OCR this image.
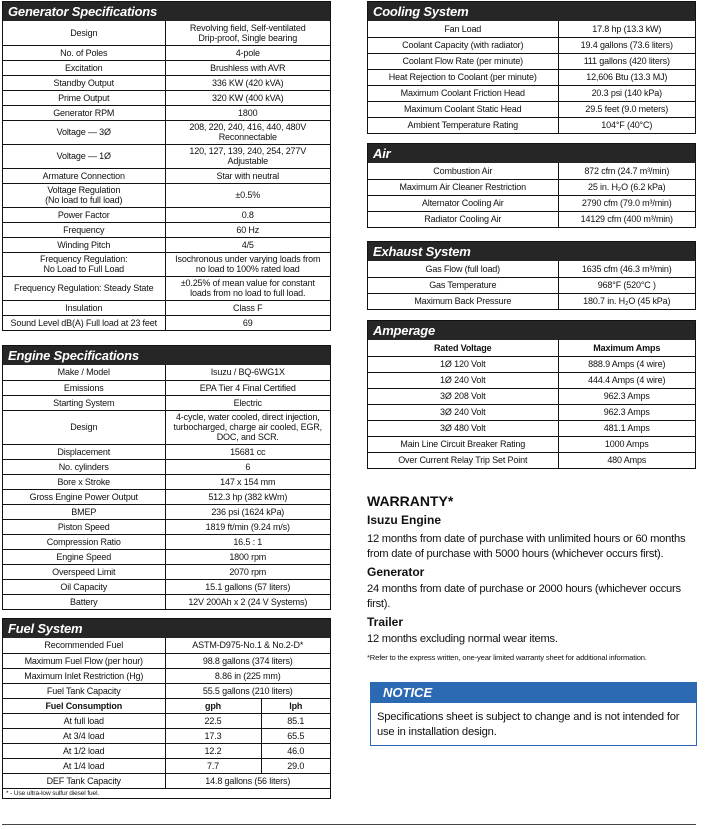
Generator Specifications
Design	Revolving field, Self-ventilated
Drip-proof, Single bearing
No. of Poles	4-pole
Excitation	Brushless with AVR
Standby Output	336 KW (420 kVA)
Prime Output	320 KW (400 kVA)
Generator RPM	1800
Voltage — 3Ø	208, 220, 240, 416, 440, 480V
Reconnectable
Voltage — 1Ø	120, 127, 139, 240, 254, 277V
Adjustable
Armature Connection	Star with neutral
Voltage Regulation
(No load to full load)	±0.5%
Power Factor	0.8
Frequency	60 Hz
Winding Pitch	4/5
Frequency Regulation:
No Load to Full Load	Isochronous under varying loads from
no load to 100% rated load
Frequency Regulation: Steady State	±0.25% of mean value for constant
loads from no load to full load.
Insulation	Class F
Sound Level dB(A) Full load at 23 feet	69
Engine Specifications
Make / Model	Isuzu / BQ-6WG1X
Emissions	EPA Tier 4 Final Certified
Starting System	Electric
Design	4-cycle, water cooled, direct injection,
turbocharged, charge air cooled, EGR,
DOC, and SCR.
Displacement	15681 cc
No. cylinders	6
Bore x Stroke	147 x 154 mm
Gross Engine Power Output	512.3 hp (382 kWm)
BMEP	236 psi (1624 kPa)
Piston Speed	1819 ft/min (9.24 m/s)
Compression Ratio	16.5 : 1
Engine Speed	1800 rpm
Overspeed Limit	2070 rpm
Oil Capacity	15.1 gallons (57 liters)
Battery	12V 200Ah x 2 (24 V Systems)
Fuel System
Recommended Fuel	ASTM-D975-No.1 & No.2-D*	
Maximum Fuel Flow (per hour)	98.8 gallons (374 liters)	
Maximum Inlet Restriction (Hg)	8.86 in (225 mm)	
Fuel Tank Capacity	55.5 gallons (210 liters)	
Fuel Consumption	gph	lph
At full load	22.5	85.1
At 3/4 load	17.3	65.5
At 1/2 load	12.2	46.0
At 1/4 load	7.7	29.0
DEF Tank Capacity	14.8 gallons (56 liters)	
* - Use ultra-low sulfur diesel fuel.
Cooling System
Fan Load	17.8 hp (13.3 kW)
Coolant Capacity (with radiator)	19.4 gallons (73.6 liters)
Coolant Flow Rate (per minute)	111 gallons (420 liters)
Heat Rejection to Coolant (per minute)	12,606 Btu (13.3 MJ)
Maximum Coolant Friction Head	20.3 psi (140 kPa)
Maximum Coolant Static Head	29.5 feet (9.0 meters)
Ambient Temperature Rating	104°F (40°C)
Air
Combustion Air	872 cfm (24.7 m³/min)
Maximum Air Cleaner Restriction	25 in. H₂O (6.2 kPa)
Alternator Cooling Air	2790 cfm (79.0 m³/min)
Radiator Cooling Air	14129 cfm (400 m³/min)
Exhaust System
Gas Flow (full load)	1635 cfm (46.3 m³/min)
Gas Temperature	968°F (520°C )
Maximum Back Pressure	180.7 in. H₂O (45 kPa)
Amperage
Rated Voltage	Maximum Amps
1Ø 120 Volt	888.9 Amps (4 wire)
1Ø 240 Volt	444.4 Amps (4 wire)
3Ø 208 Volt	962.3 Amps
3Ø 240 Volt	962.3 Amps
3Ø 480 Volt	481.1 Amps
Main Line Circuit Breaker Rating	1000 Amps
Over Current Relay Trip Set Point	480 Amps
WARRANTY*
Isuzu Engine
12 months from date of purchase with unlimited hours or 60 months from date of purchase with 5000 hours (whichever occurs first).
Generator
24 months from date of purchase or 2000 hours (whichever occurs first).
Trailer
12 months excluding normal wear items.
*Refer to the express written, one-year limited warranty sheet for additional information.
NOTICE
Specifications sheet is subject to change and is not intended for use in installation design.
